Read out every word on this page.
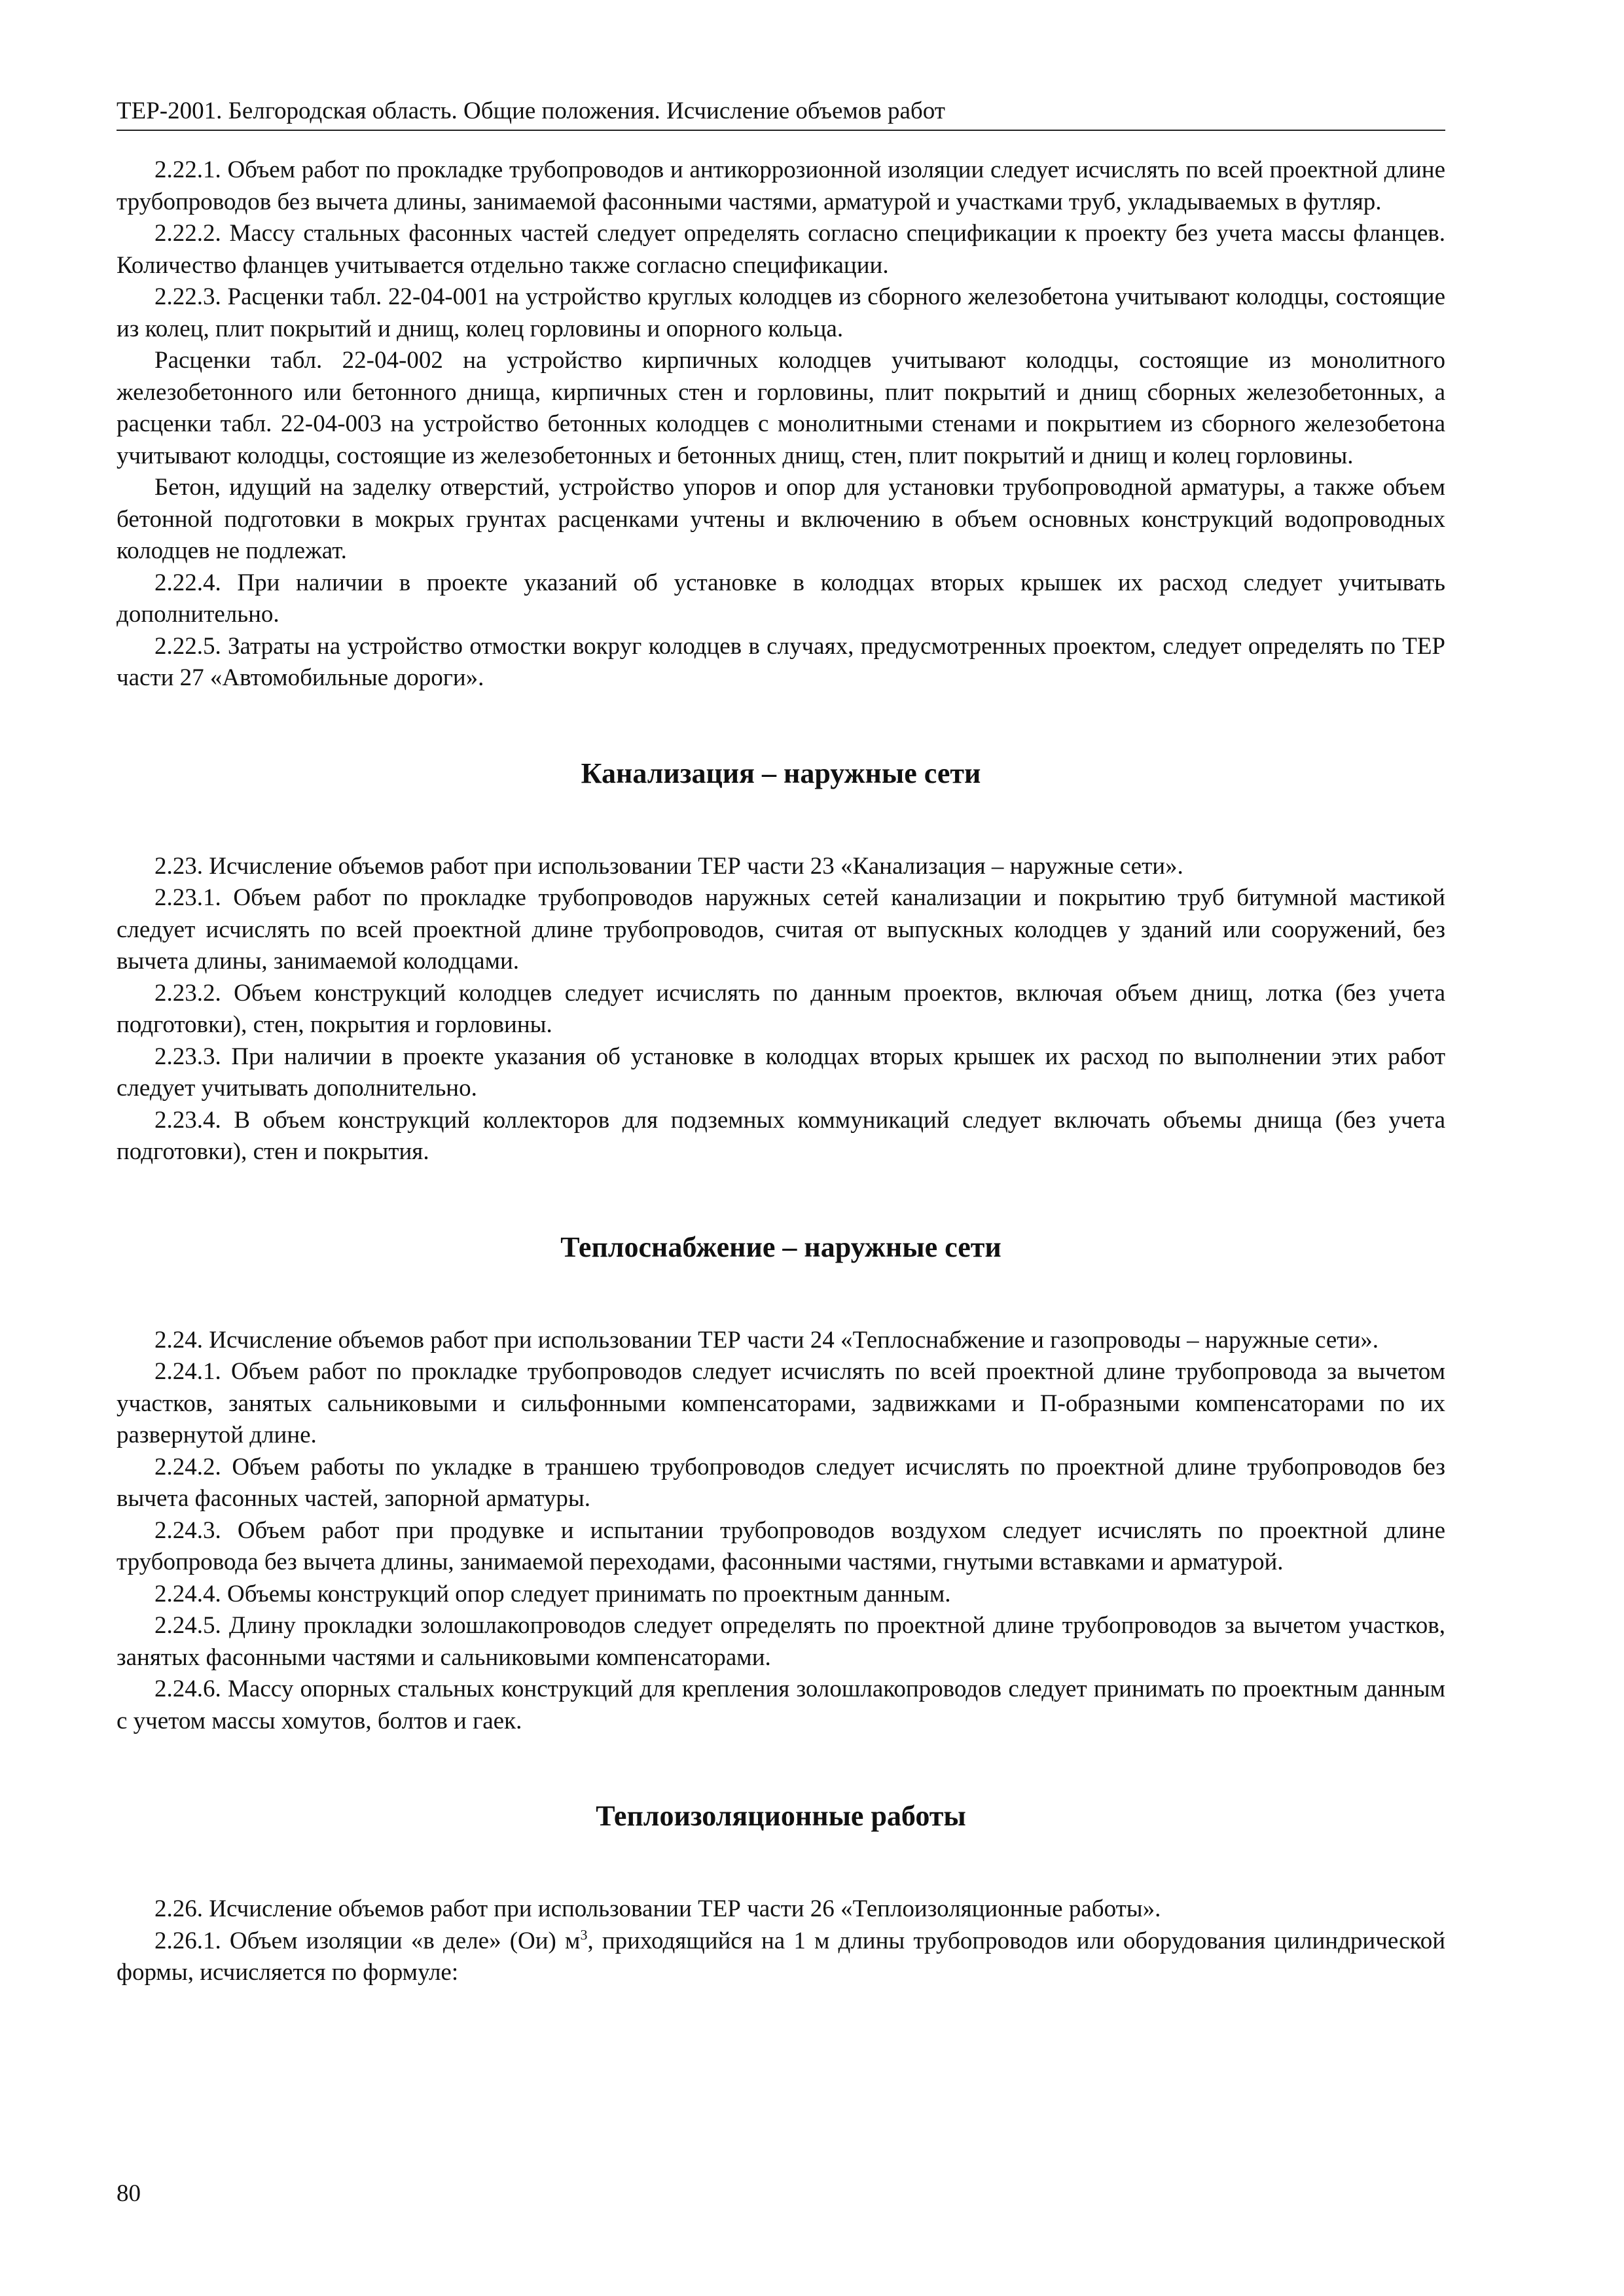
ТЕР-2001. Белгородская область. Общие положения. Исчисление объемов работ

2.22.1. Объем работ по прокладке трубопроводов и антикоррозионной изоляции следует исчислять по всей проектной длине трубопроводов без вычета длины, занимаемой фасонными частями, арматурой и участками труб, укладываемых в футляр.

2.22.2. Массу стальных фасонных частей следует определять согласно спецификации к проекту без учета массы фланцев. Количество фланцев учитывается отдельно также согласно спецификации.

2.22.3. Расценки табл. 22-04-001 на устройство круглых колодцев из сборного железобетона учитывают колодцы, состоящие из колец, плит покрытий и днищ, колец горловины и опорного кольца.

Расценки табл. 22-04-002 на устройство кирпичных колодцев учитывают колодцы, состоящие из монолитного железобетонного или бетонного днища, кирпичных стен и горловины, плит покрытий и днищ сборных железобетонных, а расценки табл. 22-04-003 на устройство бетонных колодцев с монолитными стенами и покрытием из сборного железобетона учитывают колодцы, состоящие из железобетонных и бетонных днищ, стен, плит покрытий и днищ и колец горловины.

Бетон, идущий на заделку отверстий, устройство упоров и опор для установки трубопроводной арматуры, а также объем бетонной подготовки в мокрых грунтах расценками учтены и включению в объем основных конструкций водопроводных колодцев не подлежат.

2.22.4. При наличии в проекте указаний об установке в колодцах вторых крышек их расход следует учитывать дополнительно.

2.22.5. Затраты на устройство отмостки вокруг колодцев в случаях, предусмотренных проектом, следует определять по ТЕР части 27 «Автомобильные дороги».

Канализация – наружные сети

2.23. Исчисление объемов работ при использовании ТЕР части 23 «Канализация – наружные сети».

2.23.1. Объем работ по прокладке трубопроводов наружных сетей канализации и покрытию труб битумной мастикой следует исчислять по всей проектной длине трубопроводов, считая от выпускных колодцев у зданий или сооружений, без вычета длины, занимаемой колодцами.

2.23.2. Объем конструкций колодцев следует исчислять по данным проектов, включая объем днищ, лотка (без учета подготовки), стен, покрытия и горловины.

2.23.3. При наличии в проекте указания об установке в колодцах вторых крышек их расход по выполнении этих работ следует учитывать дополнительно.

2.23.4. В объем конструкций коллекторов для подземных коммуникаций следует включать объемы днища (без учета подготовки), стен и покрытия.

Теплоснабжение – наружные сети

2.24. Исчисление объемов работ при использовании ТЕР части 24 «Теплоснабжение и газопроводы – наружные сети».

2.24.1. Объем работ по прокладке трубопроводов следует исчислять по всей проектной длине трубопровода за вычетом участков, занятых сальниковыми и сильфонными компенсаторами, задвижками и П-образными компенсаторами по их развернутой длине.

2.24.2. Объем работы по укладке в траншею трубопроводов следует исчислять по проектной длине трубопроводов без вычета фасонных частей, запорной арматуры.

2.24.3. Объем работ при продувке и испытании трубопроводов воздухом следует исчислять по проектной длине трубопровода без вычета длины, занимаемой переходами, фасонными частями, гнутыми вставками и арматурой.

2.24.4. Объемы конструкций опор следует принимать по проектным данным.

2.24.5. Длину прокладки золошлакопроводов следует определять по проектной длине трубопроводов за вычетом участков, занятых фасонными частями и сальниковыми компенсаторами.

2.24.6. Массу опорных стальных конструкций для крепления золошлакопроводов следует принимать по проектным данным с учетом массы хомутов, болтов и гаек.

Теплоизоляционные работы

2.26. Исчисление объемов работ при использовании ТЕР части 26 «Теплоизоляционные работы».

2.26.1. Объем изоляции «в деле» (Ои) $м^3$, приходящийся на 1 м длины трубопроводов или оборудования цилиндрической формы, исчисляется по формуле:

80
